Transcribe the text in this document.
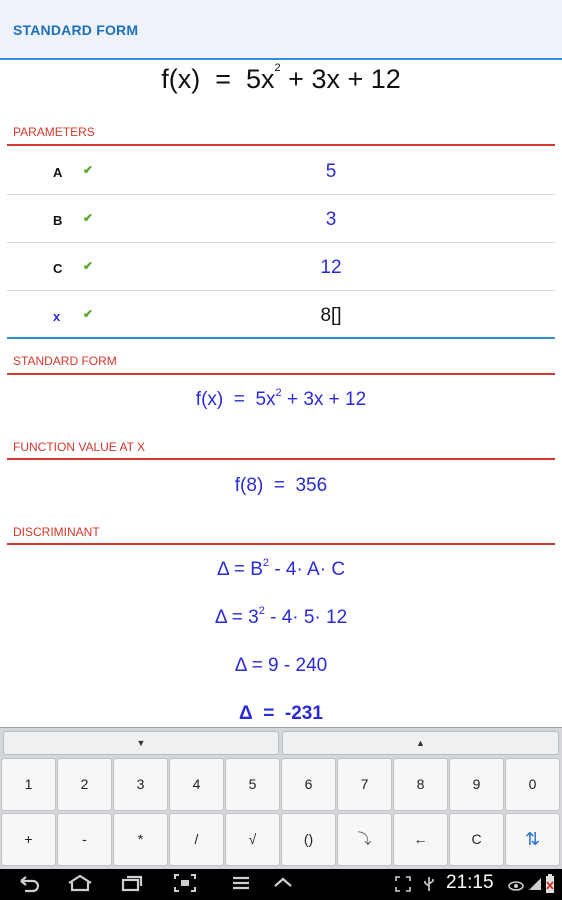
STANDARD FORM
$f(x) = 5x^2 + 3x + 12$
PARAMETERS
A ✔	5
B ✔	3
C ✔	12
x ✔	8[]
STANDARD FORM
$f(x) = 5x^2 + 3x + 12$
FUNCTION VALUE AT X
f(8)  =  356
DISCRIMINANT
$\Delta = B^2 - 4\cdot A\cdot C$
$\Delta = 3^2 - 4\cdot 5\cdot 12$
Δ = 9 - 240
Δ  =  -231
▼	▲
1	2	3	4	5	6	7	8	9	0
+	-	*	/	√	()	⤵	←	C	⇅
21:15
